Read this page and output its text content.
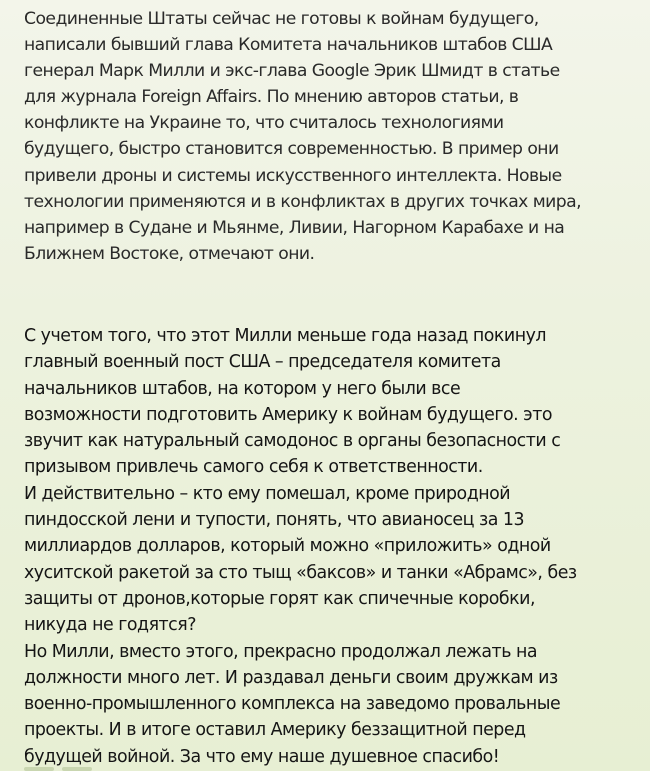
Соединенные Штаты сейчас не готовы к войнам будущего,
написали бывший глава Комитета начальников штабов США
генерал Марк Милли и экс-глава Google Эрик Шмидт в статье
для журнала Foreign Affairs. По мнению авторов статьи, в
конфликте на Украине то, что считалось технологиями
будущего, быстро становится современностью. В пример они
привели дроны и системы искусственного интеллекта. Новые
технологии применяются и в конфликтах в других точках мира,
например в Судане и Мьянме, Ливии, Нагорном Карабахе и на
Ближнем Востоке, отмечают они.

С учетом того, что этот Милли меньше года назад покинул
главный военный пост США – председателя комитета
начальников штабов, на котором у него были все
возможности подготовить Америку к войнам будущего. это
звучит как натуральный самодонос в органы безопасности с
призывом привлечь самого себя к ответственности.
И действительно – кто ему помешал, кроме природной
пиндосской лени и тупости, понять, что авианосец за 13
миллиардов долларов, который можно «приложить» одной
хуситской ракетой за сто тыщ «баксов» и танки «Абрамс», без
защиты от дронов,которые горят как спичечные коробки,
никуда не годятся?
Но Милли, вместо этого, прекрасно продолжал лежать на
должности много лет. И раздавал деньги своим дружкам из
военно-промышленного комплекса на заведомо провальные
проекты. И в итоге оставил Америку беззащитной перед
будущей войной. За что ему наше душевное спасибо!
